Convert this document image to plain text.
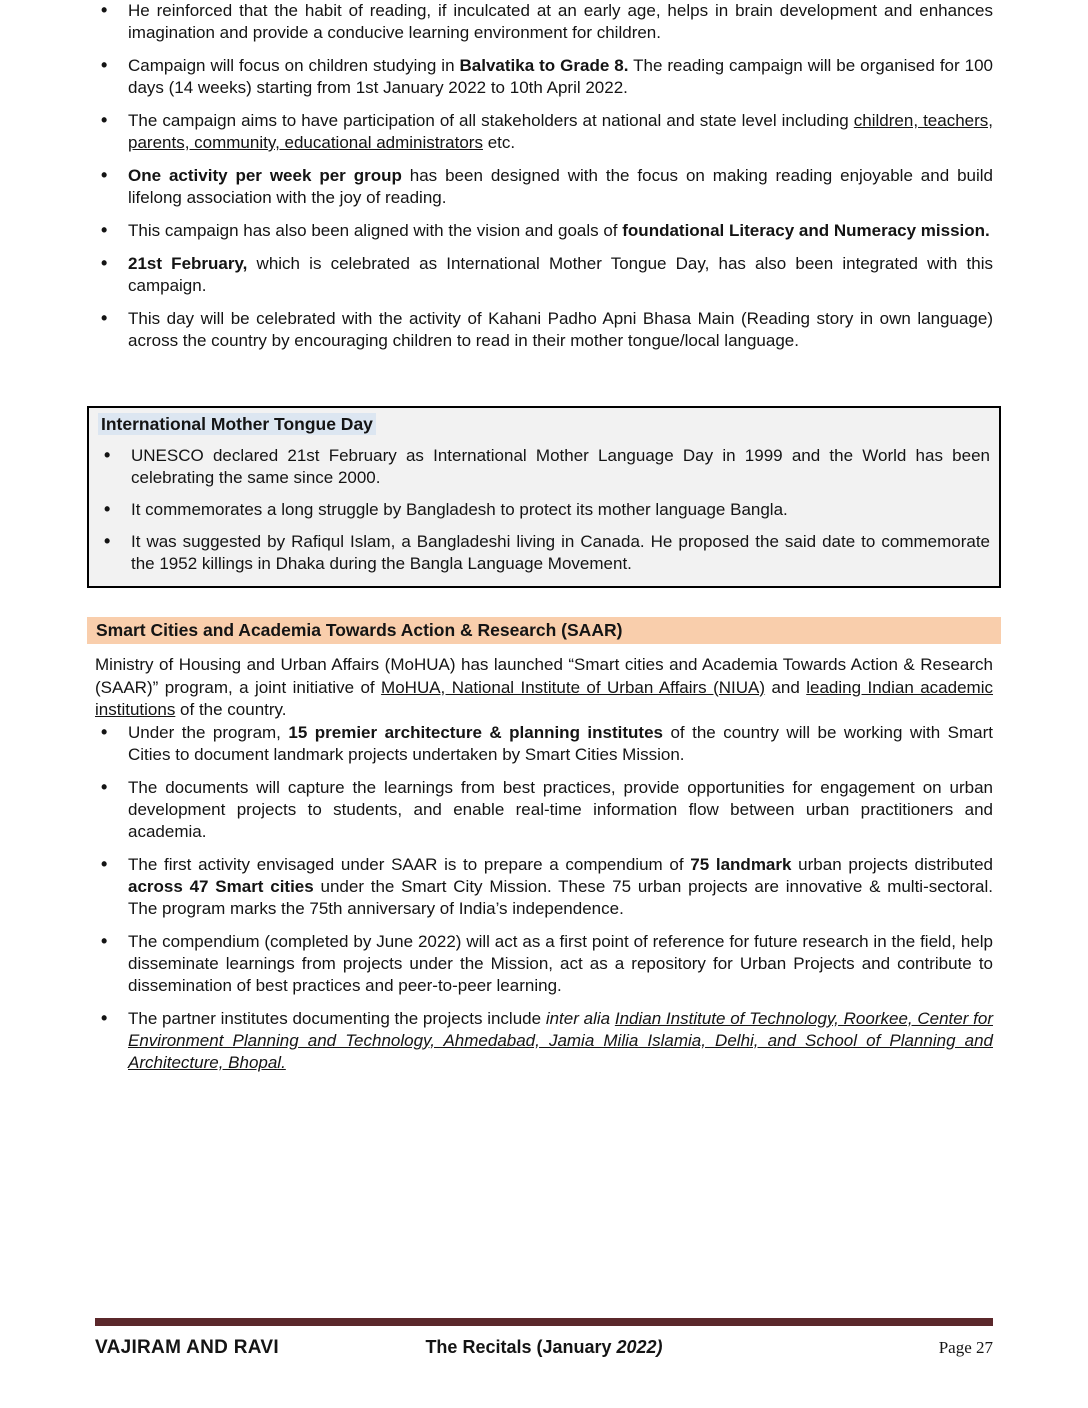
• He reinforced that the habit of reading, if inculcated at an early age, helps in brain development and enhances imagination and provide a conducive learning environment for children.
• Campaign will focus on children studying in Balvatika to Grade 8. The reading campaign will be organised for 100 days (14 weeks) starting from 1st January 2022 to 10th April 2022.
• The campaign aims to have participation of all stakeholders at national and state level including children, teachers, parents, community, educational administrators etc.
• One activity per week per group has been designed with the focus on making reading enjoyable and build lifelong association with the joy of reading.
• This campaign has also been aligned with the vision and goals of foundational Literacy and Numeracy mission.
• 21st February, which is celebrated as International Mother Tongue Day, has also been integrated with this campaign.
• This day will be celebrated with the activity of Kahani Padho Apni Bhasa Main (Reading story in own language) across the country by encouraging children to read in their mother tongue/local language.
International Mother Tongue Day
• UNESCO declared 21st February as International Mother Language Day in 1999 and the World has been celebrating the same since 2000.
• It commemorates a long struggle by Bangladesh to protect its mother language Bangla.
• It was suggested by Rafiqul Islam, a Bangladeshi living in Canada. He proposed the said date to commemorate the 1952 killings in Dhaka during the Bangla Language Movement.
Smart Cities and Academia Towards Action & Research (SAAR)

Ministry of Housing and Urban Affairs (MoHUA) has launched “Smart cities and Academia Towards Action & Research (SAAR)” program, a joint initiative of MoHUA, National Institute of Urban Affairs (NIUA) and leading Indian academic institutions of the country.

• Under the program, 15 premier architecture & planning institutes of the country will be working with Smart Cities to document landmark projects undertaken by Smart Cities Mission.
• The documents will capture the learnings from best practices, provide opportunities for engagement on urban development projects to students, and enable real-time information flow between urban practitioners and academia.
• The first activity envisaged under SAAR is to prepare a compendium of 75 landmark urban projects distributed across 47 Smart cities under the Smart City Mission. These 75 urban projects are innovative & multi-sectoral. The program marks the 75th anniversary of India’s independence.
• The compendium (completed by June 2022) will act as a first point of reference for future research in the field, help disseminate learnings from projects under the Mission, act as a repository for Urban Projects and contribute to dissemination of best practices and peer-to-peer learning.
• The partner institutes documenting the projects include inter alia Indian Institute of Technology, Roorkee, Center for Environment Planning and Technology, Ahmedabad, Jamia Milia Islamia, Delhi, and School of Planning and Architecture, Bhopal.
VAJIRAM AND RAVI	The Recitals (January 2022)	Page 27
